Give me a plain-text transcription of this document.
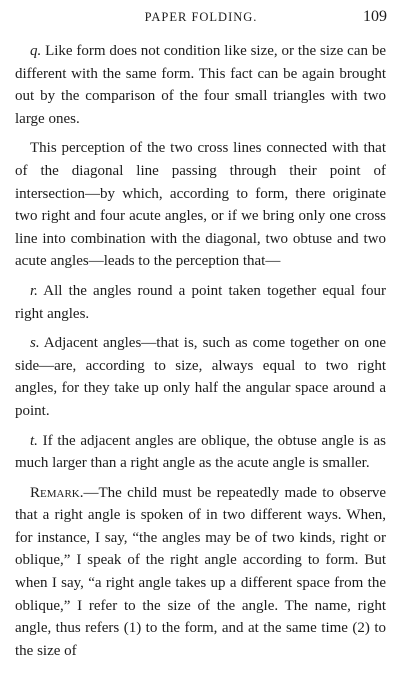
PAPER FOLDING.	109

q. Like form does not condition like size, or the size can be different with the same form. This fact can be again brought out by the comparison of the four small triangles with two large ones.

This perception of the two cross lines connected with that of the diagonal line passing through their point of intersection—by which, according to form, there originate two right and four acute angles, or if we bring only one cross line into combination with the diagonal, two obtuse and two acute angles—leads to the perception that—

r. All the angles round a point taken together equal four right angles.

s. Adjacent angles—that is, such as come together on one side—are, according to size, always equal to two right angles, for they take up only half the angular space around a point.

t. If the adjacent angles are oblique, the obtuse angle is as much larger than a right angle as the acute angle is smaller.

Remark.—The child must be repeatedly made to observe that a right angle is spoken of in two different ways. When, for instance, I say, “the angles may be of two kinds, right or oblique,” I speak of the right angle according to form. But when I say, “a right angle takes up a different space from the oblique,” I refer to the size of the angle. The name, right angle, thus refers (1) to the form, and at the same time (2) to the size of
